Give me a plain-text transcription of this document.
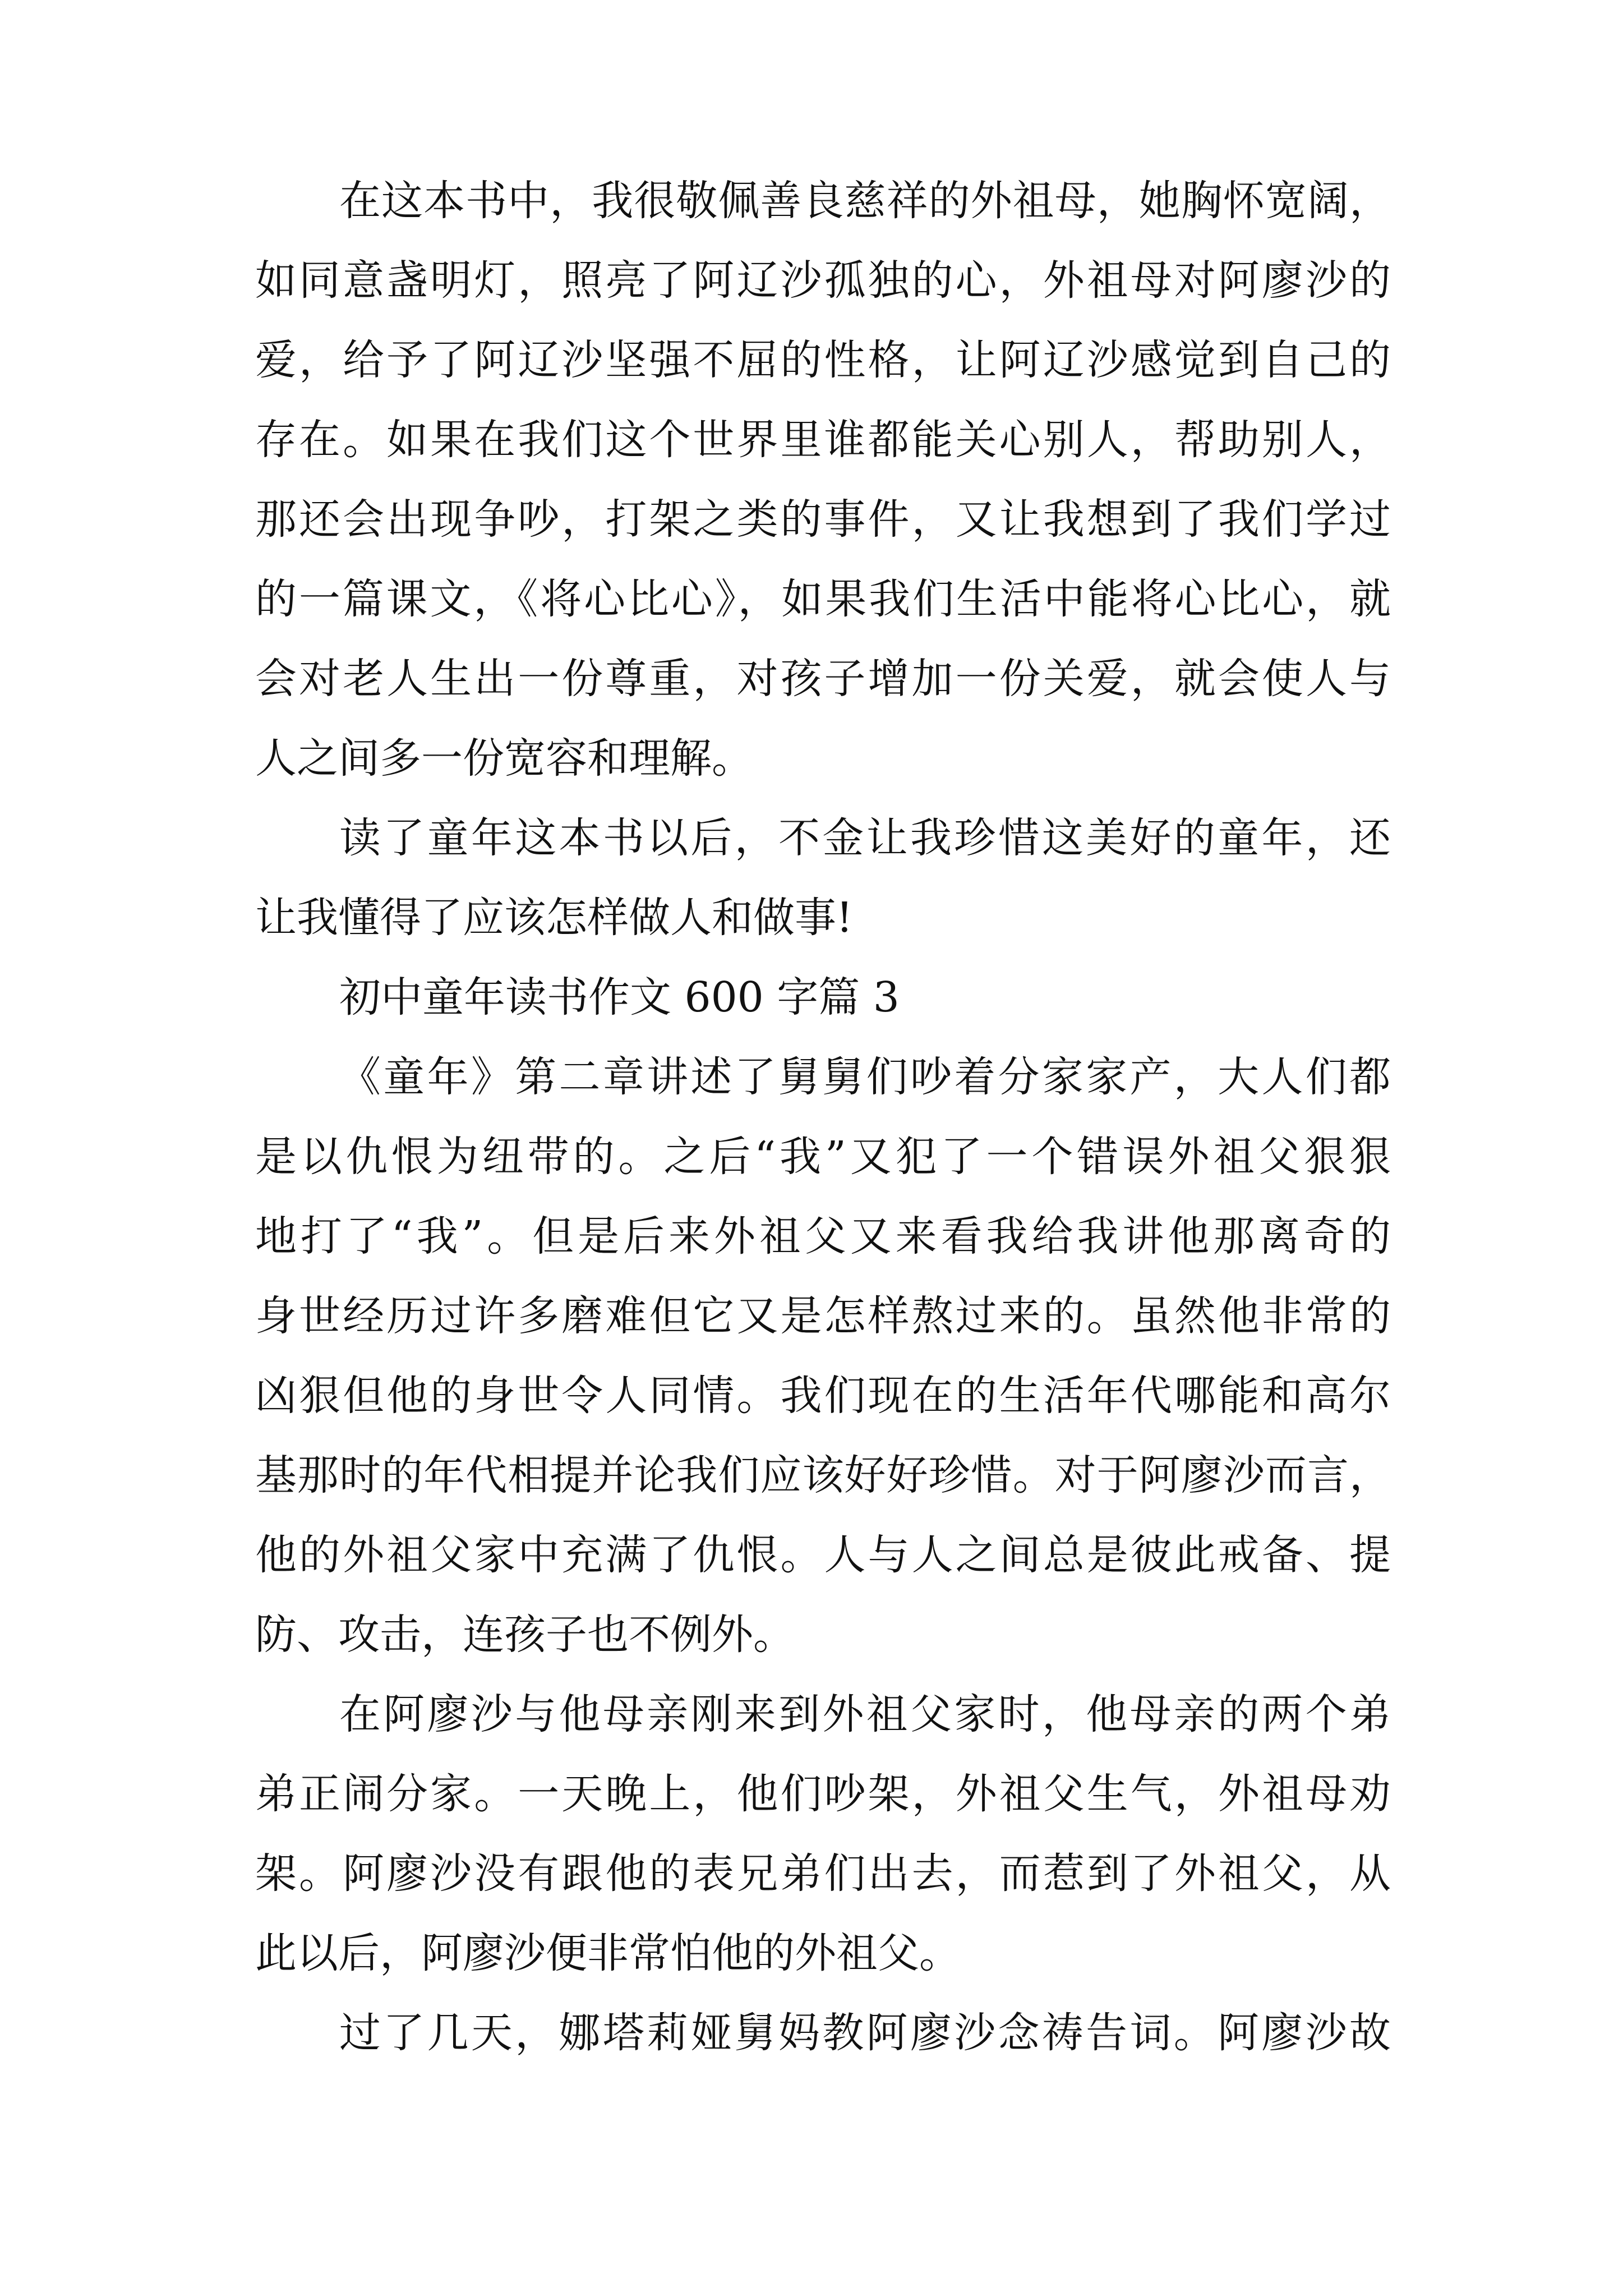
在这本书中，我很敬佩善良慈祥的外祖母，她胸怀宽阔，

如同意盏明灯，照亮了阿辽沙孤独的心，外祖母对阿廖沙的

爱，给予了阿辽沙坚强不屈的性格，让阿辽沙感觉到自己的

存在。如果在我们这个世界里谁都能关心别人，帮助别人，

那还会出现争吵，打架之类的事件，又让我想到了我们学过

的一篇课文，《将心比心》，如果我们生活中能将心比心，就

会对老人生出一份尊重，对孩子增加一份关爱，就会使人与

人之间多一份宽容和理解。

读了童年这本书以后，不金让我珍惜这美好的童年，还

让我懂得了应该怎样做人和做事!

初中童年读书作文 600 字篇 3

《童年》第二章讲述了舅舅们吵着分家家产，大人们都

是以仇恨为纽带的。之后“我”又犯了一个错误外祖父狠狠

地打了“我”。但是后来外祖父又来看我给我讲他那离奇的

身世经历过许多磨难但它又是怎样熬过来的。虽然他非常的

凶狠但他的身世令人同情。我们现在的生活年代哪能和高尔

基那时的年代相提并论我们应该好好珍惜。对于阿廖沙而言，

他的外祖父家中充满了仇恨。人与人之间总是彼此戒备、提

防、攻击，连孩子也不例外。

在阿廖沙与他母亲刚来到外祖父家时，他母亲的两个弟

弟正闹分家。一天晚上，他们吵架，外祖父生气，外祖母劝

架。阿廖沙没有跟他的表兄弟们出去，而惹到了外祖父，从

此以后，阿廖沙便非常怕他的外祖父。

过了几天，娜塔莉娅舅妈教阿廖沙念祷告词。阿廖沙故
